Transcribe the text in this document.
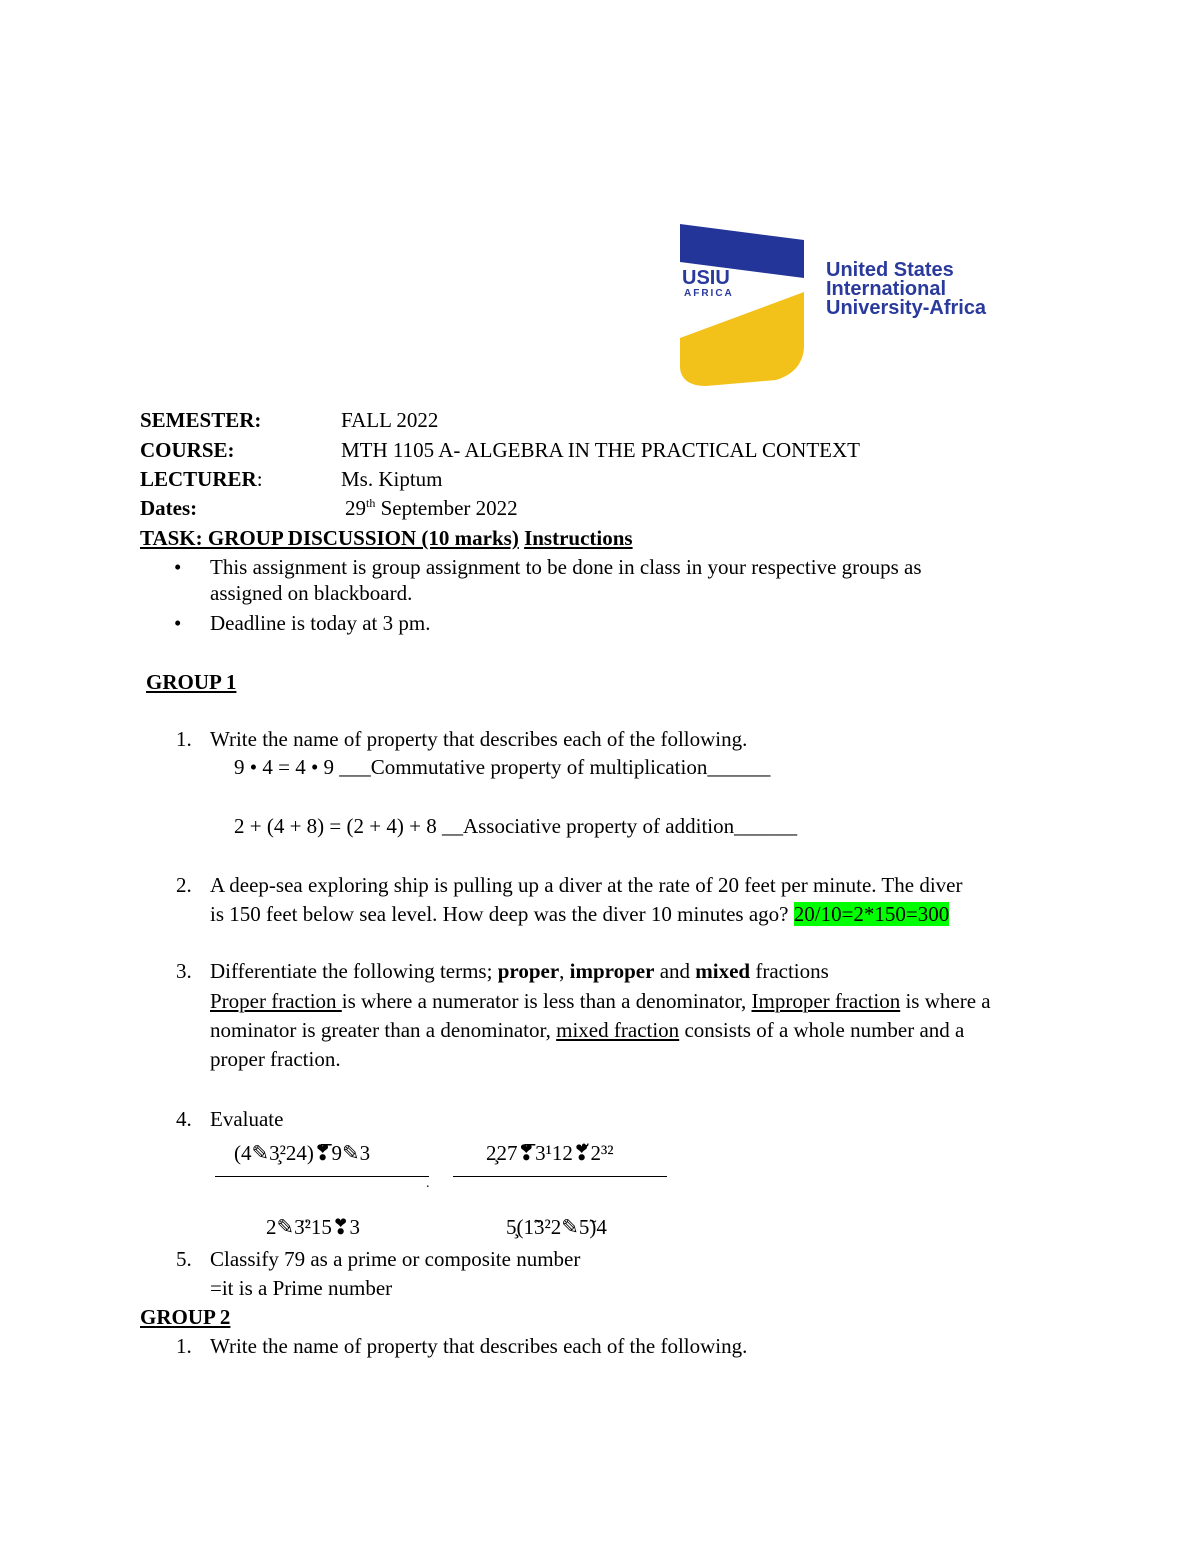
USIU
AFRICA
United States
International
University-Africa
SEMESTER:	FALL 2022
COURSE:	MTH 1105 A- ALGEBRA IN THE PRACTICAL CONTEXT
LECTURER:	Ms. Kiptum
Dates:	29th September 2022
TASK: GROUP DISCUSSION (10 marks) Instructions
• This assignment is group assignment to be done in class in your respective groups as
assigned on blackboard.
• Deadline is today at 3 pm.
GROUP 1
1. Write the name of property that describes each of the following.
9 • 4 = 4 • 9 ___Commutative property of multiplication______
2 + (4 + 8) = (2 + 4) + 8 __Associative property of addition______
2. A deep-sea exploring ship is pulling up a diver at the rate of 20 feet per minute. The diver
is 150 feet below sea level. How deep was the diver 10 minutes ago? 20/10=2*150=300
3. Differentiate the following terms; proper, improper and mixed fractions
Proper fraction is where a numerator is less than a denominator, Improper fraction is where a
nominator is greater than a denominator, mixed fraction consists of a whole number and a
proper fraction.
4. Evaluate
(4✎3̧²24)❣̅9✎3
2✎3̈²15❣3
2̧27❣̅3¹12❣̃2³²
.
5̧(1̃3²2✎5̃)4
5. Classify 79 as a prime or composite number
=it is a Prime number
GROUP 2
1. Write the name of property that describes each of the following.
